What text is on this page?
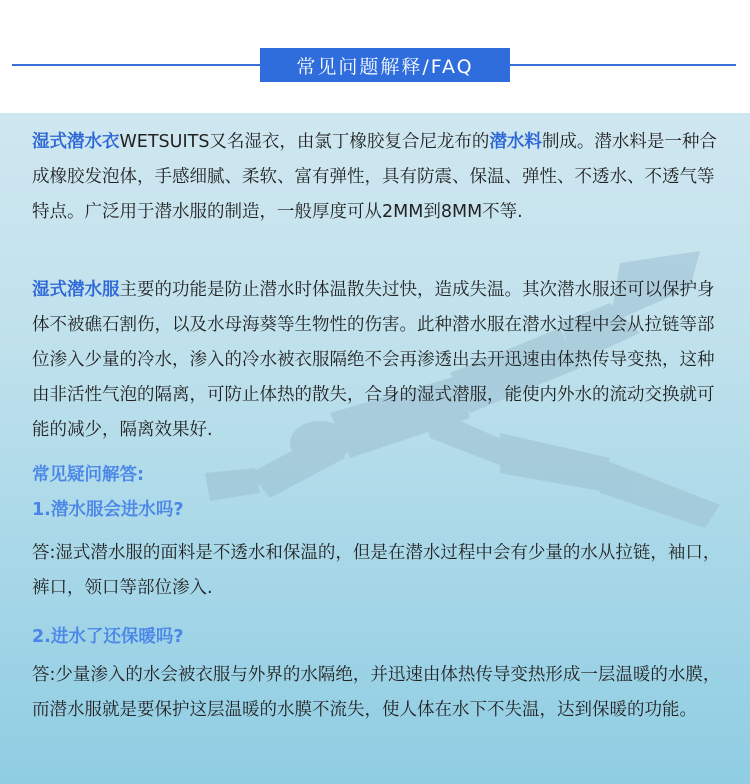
常见问题解释/FAQ
湿式潜水衣WETSUITS又名湿衣，由氯丁橡胶复合尼龙布的潜水料制成。潜水料是一种合成橡胶发泡体，手感细腻、柔软、富有弹性，具有防震、保温、弹性、不透水、不透气等特点。广泛用于潜水服的制造，一般厚度可从2MM到8MM不等.
湿式潜水服主要的功能是防止潜水时体温散失过快，造成失温。其次潜水服还可以保护身体不被礁石割伤，以及水母海葵等生物性的伤害。此种潜水服在潜水过程中会从拉链等部位渗入少量的冷水，渗入的冷水被衣服隔绝不会再渗透出去开迅速由体热传导变热，这种由非活性气泡的隔离，可防止体热的散失，合身的湿式潜服，能使内外水的流动交换就可能的减少，隔离效果好.
常见疑问解答:
1.潜水服会进水吗?
答:湿式潜水服的面料是不透水和保温的，但是在潜水过程中会有少量的水从拉链，袖口，裤口，领口等部位渗入.
2.进水了还保暖吗?
答:少量渗入的水会被衣服与外界的水隔绝，并迅速由体热传导变热形成一层温暖的水膜，而潜水服就是要保护这层温暖的水膜不流失，使人体在水下不失温，达到保暖的功能。
